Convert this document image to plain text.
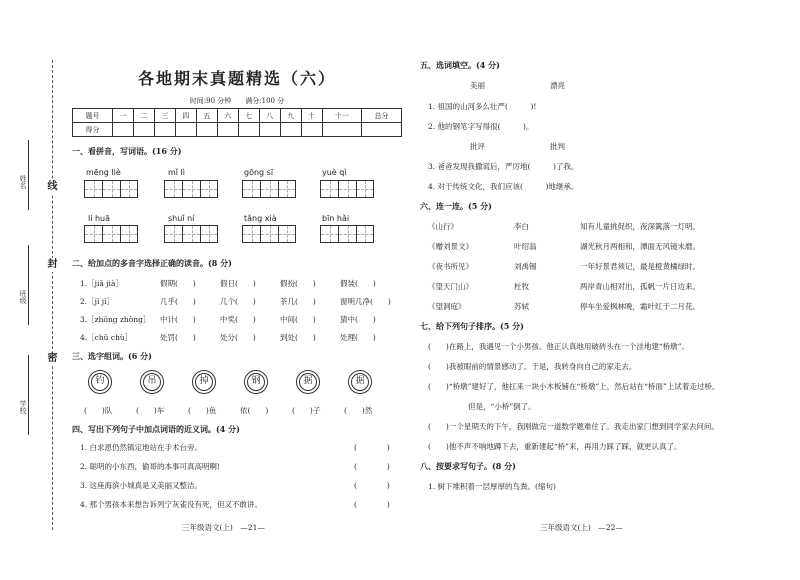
姓名
班级
学校
线
封
密
各地期末真题精选（六）
时间:90 分钟　　满分:100 分
题号	一	二	三	四	五	六	七	八	九	十	十一	总分
得分												
一、看拼音，写词语。(16 分)
mēng liè	mǐ lì	gōng sī	yuè qì
lí huā	shuǐ ní	tǎng xià	bīn hǎi
二、给加点的多音字选择正确的读音。(8 分)
1.［jiǎ jià］	假期(　　)	假日(　　)	假扮(　　)	假装(　　)
2.［jī jǐ］	几乎(　　)	几个(　　)	茶几(　　)	窗明几净(　　)
3.［zhōng zhòng］ 中计(　　)	中奖(　　)	中间(　　)	猜中(　　)
4.［chǔ chù］	处罚(　　)	处分(　　)	到处(　　)	处理(　　)
三、选字组词。(6 分)
钓	吊	掉	钢	据	据
(　　)队	(　　)车	(　　)鱼	依(　　)	(　　)子	(　　)然
四、写出下列句子中加点词语的近义词。(4 分)
1. 白求恩仍然镇定地站在手术台旁。	(　　　　)
2. 聪明的小东西，偷哥的本事可真高明啊!	(　　　　)
3. 这座海滨小城真是又美丽又整洁。	(　　　　)
4. 那个男孩本来想告诉列宁灰雀没有死，但又不敢讲。	(　　　　)
三年级语文(上)　—21—
五、选词填空。(4 分)
美丽	漂亮
1. 祖国的山河多么壮严(　　　)!
2. 他的钢笔字写得很(　　　)。
批评	批判
3. 爸爸发现我撒谎后，严厉地(　　　)了我。
4. 对于传统文化，我们应该(　　　)地继承。
六、连一连。(5 分)
《山行》	李白	知有儿童挑促织，夜深篱落一灯明。
《赠刘景文》	叶绍翁	湖光秋月两相和，潭面无风镜未磨。
《夜书所见》	刘禹锡	一年好景君须记，最是橙黄橘绿时。
《望天门山》	杜牧	两岸青山相对出，孤帆一片日边来。
《望洞庭》	苏轼	停车坐爱枫林晚，霜叶红于二月花。
七、给下列句子排序。(5 分)
(　　)在路上，我遇见一个小男孩。他正认真地用破砖头在一个洼地建“桥墩”。
(　　)我被眼前的情景感动了。于是，我转身向自己的家走去。
(　　)“桥墩”建好了，他扛来一块小木板铺在“桥墩”上，然后站在“桥面”上试着走过桥。
但是，“小桥”倒了。
(　　)一个星期天的下午，我刚做完一道数学题难住了。我走出家门想到同学家去问问。
(　　)他不声不响地蹲下去，重新建起“桥”来，再用力踩了踩，就更认真了。
八、按要求写句子。(8 分)
1. 树下堆积着一层厚厚的鸟粪。(缩句)
三年级语文(上)　—22—
